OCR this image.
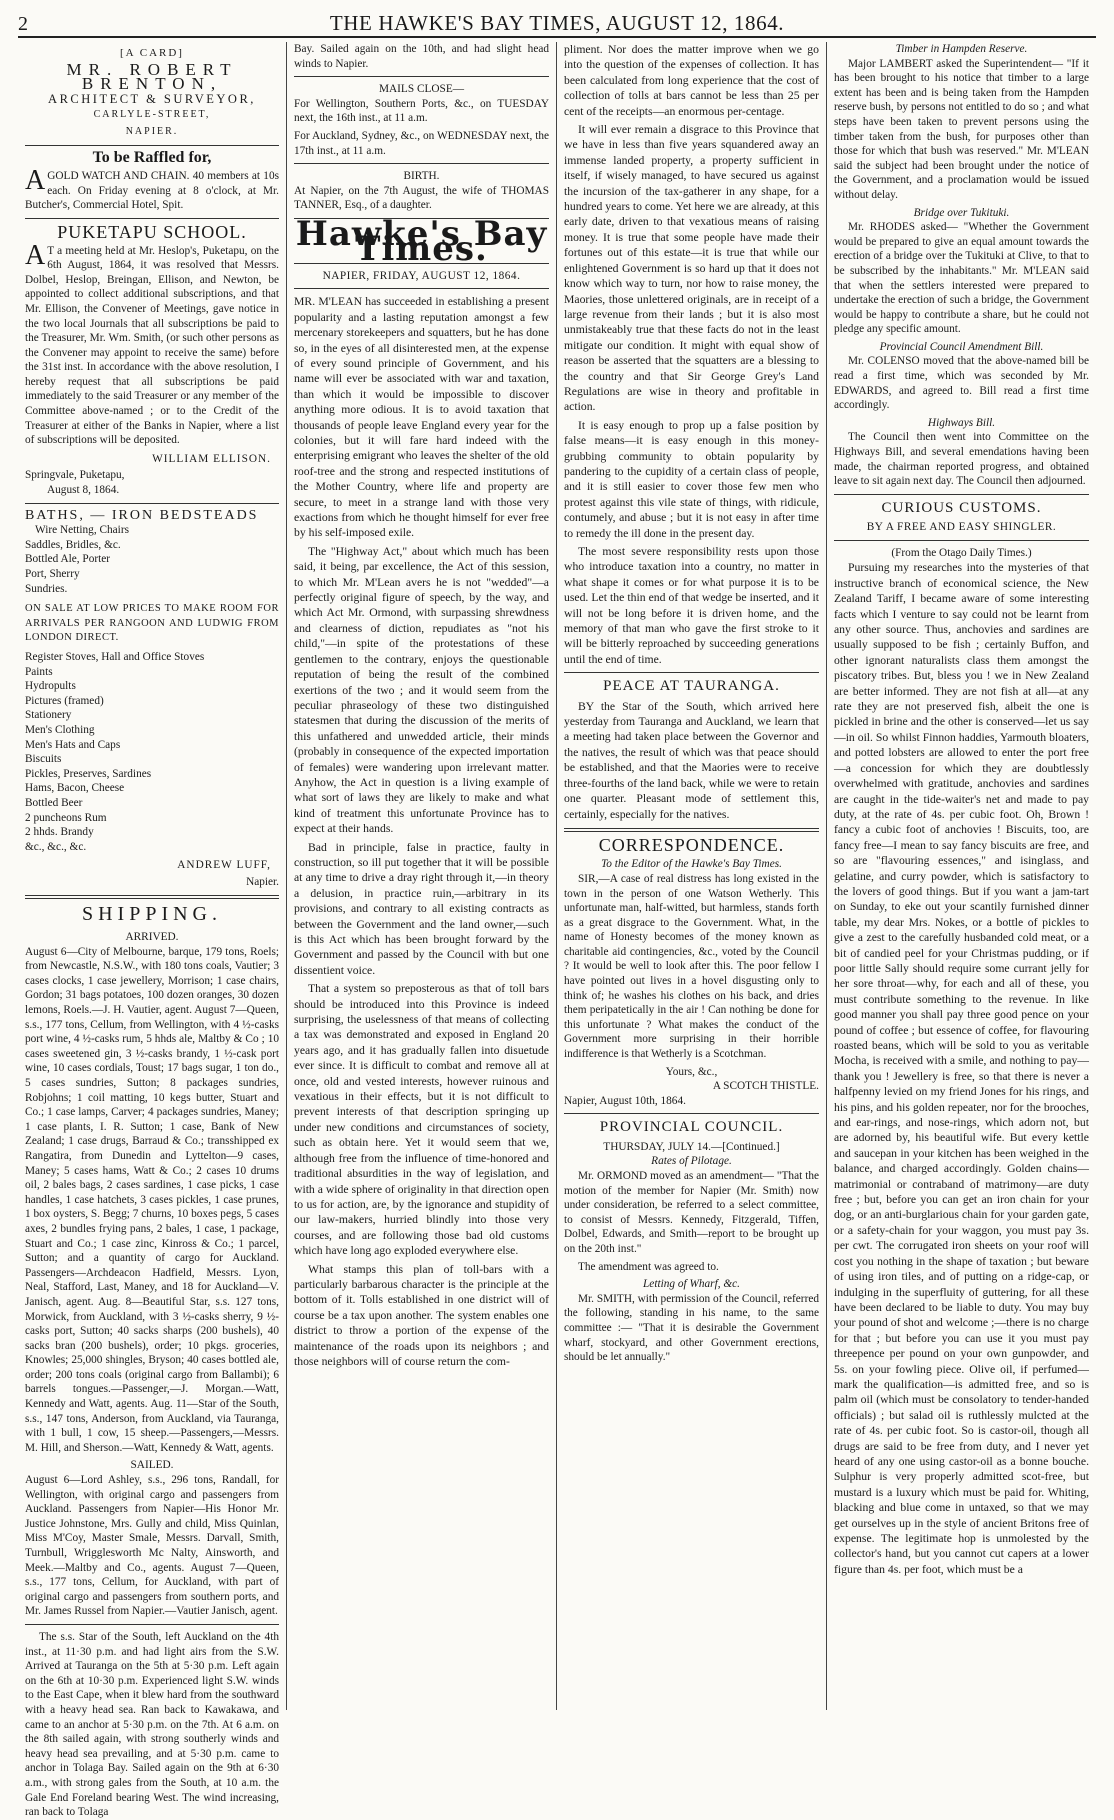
2	THE HAWKE'S BAY TIMES, AUGUST 12, 1864.
[A CARD]
MR. ROBERT BRENTON,
ARCHITECT & SURVEYOR,
CARLYLE-STREET,
NAPIER.
To be Raffled for,

AGOLD WATCH AND CHAIN. 40 members at 10s each. On Friday evening at 8 o'clock, at Mr. Butcher's, Commercial Hotel, Spit.

PUKETAPU SCHOOL.

AT a meeting held at Mr. Heslop's, Puketapu, on the 6th August, 1864, it was resolved that Messrs. Dolbel, Heslop, Breingan, Ellison, and Newton, be appointed to collect additional subscriptions, and that Mr. Ellison, the Convener of Meetings, gave notice in the two local Journals that all subscriptions be paid to the Treasurer, Mr. Wm. Smith, (or such other persons as the Convener may appoint to receive the same) before the 31st inst. In accordance with the above resolution, I hereby request that all subscriptions be paid immediately to the said Treasurer or any member of the Committee above-named ; or to the Credit of the Treasurer at either of the Banks in Napier, where a list of subscriptions will be deposited.

WILLIAM ELLISON.
Springvale, Puketapu,
August 8, 1864.
BATHS, — IRON BEDSTEADS
Wire Netting, Chairs
Saddles, Bridles, &c.
Bottled Ale, Porter
Port, Sherry
Sundries.

ON SALE AT LOW PRICES TO MAKE ROOM FOR ARRIVALS PER RANGOON AND LUDWIG FROM LONDON DIRECT.

Register Stoves, Hall and Office Stoves
Paints
Hydropults
Pictures (framed)
Stationery
Men's Clothing
Men's Hats and Caps
Biscuits
Pickles, Preserves, Sardines
Hams, Bacon, Cheese
Bottled Beer
2 puncheons Rum
2 hhds. Brandy
&c., &c., &c.
ANDREW LUFF,
Napier.
SHIPPING.
ARRIVED.

August 6—City of Melbourne, barque, 179 tons, Roels; from Newcastle, N.S.W., with 180 tons coals, Vautier; 3 cases clocks, 1 case jewellery, Morrison; 1 case chairs, Gordon; 31 bags potatoes, 100 dozen oranges, 30 dozen lemons, Roels.—J. H. Vautier, agent. August 7—Queen, s.s., 177 tons, Cellum, from Wellington, with 4 ½-casks port wine, 4 ½-casks rum, 5 hhds ale, Maltby & Co ; 10 cases sweetened gin, 3 ½-casks brandy, 1 ½-cask port wine, 10 cases cordials, Toust; 17 bags sugar, 1 ton do., 5 cases sundries, Sutton; 8 packages sundries, Robjohns; 1 coil matting, 10 kegs butter, Stuart and Co.; 1 case lamps, Carver; 4 packages sundries, Maney; 1 case plants, I. R. Sutton; 1 case, Bank of New Zealand; 1 case drugs, Barraud & Co.; transshipped ex Rangatira, from Dunedin and Lyttelton—9 cases, Maney; 5 cases hams, Watt & Co.; 2 cases 10 drums oil, 2 bales bags, 2 cases sardines, 1 case picks, 1 case handles, 1 case hatchets, 3 cases pickles, 1 case prunes, 1 box oysters, S. Begg; 7 churns, 10 boxes pegs, 5 cases axes, 2 bundles frying pans, 2 bales, 1 case, 1 package, Stuart and Co.; 1 case zinc, Kinross & Co.; 1 parcel, Sutton; and a quantity of cargo for Auckland. Passengers—Archdeacon Hadfield, Messrs. Lyon, Neal, Stafford, Last, Maney, and 18 for Auckland—V. Janisch, agent. Aug. 8—Beautiful Star, s.s. 127 tons, Morwick, from Auckland, with 3 ½-casks sherry, 9 ½-casks port, Sutton; 40 sacks sharps (200 bushels), 40 sacks bran (200 bushels), order; 10 pkgs. groceries, Knowles; 25,000 shingles, Bryson; 40 cases bottled ale, order; 200 tons coals (original cargo from Ballambi); 6 barrels tongues.—Passenger,—J. Morgan.—Watt, Kennedy and Watt, agents. Aug. 11—Star of the South, s.s., 147 tons, Anderson, from Auckland, via Tauranga, with 1 bull, 1 cow, 15 sheep.—Passengers,—Messrs. M. Hill, and Sherson.—Watt, Kennedy & Watt, agents.

SAILED.

August 6—Lord Ashley, s.s., 296 tons, Randall, for Wellington, with original cargo and passengers from Auckland. Passengers from Napier—His Honor Mr. Justice Johnstone, Mrs. Gully and child, Miss Quinlan, Miss M'Coy, Master Smale, Messrs. Darvall, Smith, Turnbull, Wrigglesworth Mc Nalty, Ainsworth, and Meek.—Maltby and Co., agents. August 7—Queen, s.s., 177 tons, Cellum, for Auckland, with part of original cargo and passengers from southern ports, and Mr. James Russel from Napier.—Vautier Janisch, agent.

The s.s. Star of the South, left Auckland on the 4th inst., at 11·30 p.m. and had light airs from the S.W. Arrived at Tauranga on the 5th at 5·30 p.m. Left again on the 6th at 10·30 p.m. Experienced light S.W. winds to the East Cape, when it blew hard from the southward with a heavy head sea. Ran back to Kawakawa, and came to an anchor at 5·30 p.m. on the 7th. At 6 a.m. on the 8th sailed again, with strong southerly winds and heavy head sea prevailing, and at 5·30 p.m. came to anchor in Tolaga Bay. Sailed again on the 9th at 6·30 a.m., with strong gales from the South, at 10 a.m. the Gale End Foreland bearing West. The wind increasing, ran back to Tolaga

Bay. Sailed again on the 10th, and had slight head winds to Napier.

MAILS CLOSE—

For Wellington, Southern Ports, &c., on TUESDAY next, the 16th inst., at 11 a.m.

For Auckland, Sydney, &c., on WEDNESDAY next, the 17th inst., at 11 a.m.

BIRTH.

At Napier, on the 7th August, the wife of THOMAS TANNER, Esq., of a daughter.

Hawke's Bay Times.
NAPIER, FRIDAY, AUGUST 12, 1864.

MR. M'LEAN has succeeded in establishing a present popularity and a lasting reputation amongst a few mercenary storekeepers and squatters, but he has done so, in the eyes of all disinterested men, at the expense of every sound principle of Government, and his name will ever be associated with war and taxation, than which it would be impossible to discover anything more odious. It is to avoid taxation that thousands of people leave England every year for the colonies, but it will fare hard indeed with the enterprising emigrant who leaves the shelter of the old roof-tree and the strong and respected institutions of the Mother Country, where life and property are secure, to meet in a strange land with those very exactions from which he thought himself for ever free by his self-imposed exile.

The "Highway Act," about which much has been said, it being, par excellence, the Act of this session, to which Mr. M'Lean avers he is not "wedded"—a perfectly original figure of speech, by the way, and which Act Mr. Ormond, with surpassing shrewdness and clearness of diction, repudiates as "not his child,"—in spite of the protestations of these gentlemen to the contrary, enjoys the questionable reputation of being the result of the combined exertions of the two ; and it would seem from the peculiar phraseology of these two distinguished statesmen that during the discussion of the merits of this unfathered and unwedded article, their minds (probably in consequence of the expected importation of females) were wandering upon irrelevant matter. Anyhow, the Act in question is a living example of what sort of laws they are likely to make and what kind of treatment this unfortunate Province has to expect at their hands.

Bad in principle, false in practice, faulty in construction, so ill put together that it will be possible at any time to drive a dray right through it,—in theory a delusion, in practice ruin,—arbitrary in its provisions, and contrary to all existing contracts as between the Government and the land owner,—such is this Act which has been brought forward by the Government and passed by the Council with but one dissentient voice.

That a system so preposterous as that of toll bars should be introduced into this Province is indeed surprising, the uselessness of that means of collecting a tax was demonstrated and exposed in England 20 years ago, and it has gradually fallen into disuetude ever since. It is difficult to combat and remove all at once, old and vested interests, however ruinous and vexatious in their effects, but it is not difficult to prevent interests of that description springing up under new conditions and circumstances of society, such as obtain here. Yet it would seem that we, although free from the influence of time-honored and traditional absurdities in the way of legislation, and with a wide sphere of originality in that direction open to us for action, are, by the ignorance and stupidity of our law-makers, hurried blindly into those very courses, and are following those bad old customs which have long ago exploded everywhere else.

What stamps this plan of toll-bars with a particularly barbarous character is the principle at the bottom of it. Tolls established in one district will of course be a tax upon another. The system enables one district to throw a portion of the expense of the maintenance of the roads upon its neighbors ; and those neighbors will of course return the com-

pliment. Nor does the matter improve when we go into the question of the expenses of collection. It has been calculated from long experience that the cost of collection of tolls at bars cannot be less than 25 per cent of the receipts—an enormous per-centage.

It will ever remain a disgrace to this Province that we have in less than five years squandered away an immense landed property, a property sufficient in itself, if wisely managed, to have secured us against the incursion of the tax-gatherer in any shape, for a hundred years to come. Yet here we are already, at this early date, driven to that vexatious means of raising money. It is true that some people have made their fortunes out of this estate—it is true that while our enlightened Government is so hard up that it does not know which way to turn, nor how to raise money, the Maories, those unlettered originals, are in receipt of a large revenue from their lands ; but it is also most unmistakeably true that these facts do not in the least mitigate our condition. It might with equal show of reason be asserted that the squatters are a blessing to the country and that Sir George Grey's Land Regulations are wise in theory and profitable in action.

It is easy enough to prop up a false position by false means—it is easy enough in this money-grubbing community to obtain popularity by pandering to the cupidity of a certain class of people, and it is still easier to cover those few men who protest against this vile state of things, with ridicule, contumely, and abuse ; but it is not easy in after time to remedy the ill done in the present day.

The most severe responsibility rests upon those who introduce taxation into a country, no matter in what shape it comes or for what purpose it is to be used. Let the thin end of that wedge be inserted, and it will not be long before it is driven home, and the memory of that man who gave the first stroke to it will be bitterly reproached by succeeding generations until the end of time.

PEACE AT TAURANGA.

BY the Star of the South, which arrived here yesterday from Tauranga and Auckland, we learn that a meeting had taken place between the Governor and the natives, the result of which was that peace should be established, and that the Maories were to receive three-fourths of the land back, while we were to retain one quarter. Pleasant mode of settlement this, certainly, especially for the natives.

CORRESPONDENCE.
To the Editor of the Hawke's Bay Times.

SIR,—A case of real distress has long existed in the town in the person of one Watson Wetherly. This unfortunate man, half-witted, but harmless, stands forth as a great disgrace to the Government. What, in the name of Honesty becomes of the money known as charitable aid contingencies, &c., voted by the Council ? It would be well to look after this. The poor fellow I have pointed out lives in a hovel disgusting only to think of; he washes his clothes on his back, and dries them peripatetically in the air ! Can nothing be done for this unfortunate ? What makes the conduct of the Government more surprising in their horrible indifference is that Wetherly is a Scotchman.

Yours, &c.,
A SCOTCH THISTLE.
Napier, August 10th, 1864.
PROVINCIAL COUNCIL.
THURSDAY, JULY 14.—[Continued.]
Rates of Pilotage.

Mr. ORMOND moved as an amendment— "That the motion of the member for Napier (Mr. Smith) now under consideration, be referred to a select committee, to consist of Messrs. Kennedy, Fitzgerald, Tiffen, Dolbel, Edwards, and Smith—report to be brought up on the 20th inst."

The amendment was agreed to.

Letting of Wharf, &c.

Mr. SMITH, with permission of the Council, referred the following, standing in his name, to the same committee :— "That it is desirable the Government wharf, stockyard, and other Government erections, should be let annually."

Timber in Hampden Reserve.

Major LAMBERT asked the Superintendent— "If it has been brought to his notice that timber to a large extent has been and is being taken from the Hampden reserve bush, by persons not entitled to do so ; and what steps have been taken to prevent persons using the timber taken from the bush, for purposes other than those for which that bush was reserved." Mr. M'LEAN said the subject had been brought under the notice of the Government, and a proclamation would be issued without delay.

Bridge over Tukituki.

Mr. RHODES asked— "Whether the Government would be prepared to give an equal amount towards the erection of a bridge over the Tukituki at Clive, to that to be subscribed by the inhabitants." Mr. M'LEAN said that when the settlers interested were prepared to undertake the erection of such a bridge, the Government would be happy to contribute a share, but he could not pledge any specific amount.

Provincial Council Amendment Bill.

Mr. COLENSO moved that the above-named bill be read a first time, which was seconded by Mr. EDWARDS, and agreed to. Bill read a first time accordingly.

Highways Bill.

The Council then went into Committee on the Highways Bill, and several emendations having been made, the chairman reported progress, and obtained leave to sit again next day. The Council then adjourned.

CURIOUS CUSTOMS.
BY A FREE AND EASY SHINGLER.
(From the Otago Daily Times.)

Pursuing my researches into the mysteries of that instructive branch of economical science, the New Zealand Tariff, I became aware of some interesting facts which I venture to say could not be learnt from any other source. Thus, anchovies and sardines are usually supposed to be fish ; certainly Buffon, and other ignorant naturalists class them amongst the piscatory tribes. But, bless you ! we in New Zealand are better informed. They are not fish at all—at any rate they are not preserved fish, albeit the one is pickled in brine and the other is conserved—let us say—in oil. So whilst Finnon haddies, Yarmouth bloaters, and potted lobsters are allowed to enter the port free—a concession for which they are doubtlessly overwhelmed with gratitude, anchovies and sardines are caught in the tide-waiter's net and made to pay duty, at the rate of 4s. per cubic foot. Oh, Brown ! fancy a cubic foot of anchovies ! Biscuits, too, are fancy free—I mean to say fancy biscuits are free, and so are "flavouring essences," and isinglass, and gelatine, and curry powder, which is satisfactory to the lovers of good things. But if you want a jam-tart on Sunday, to eke out your scantily furnished dinner table, my dear Mrs. Nokes, or a bottle of pickles to give a zest to the carefully husbanded cold meat, or a bit of candied peel for your Christmas pudding, or if poor little Sally should require some currant jelly for her sore throat—why, for each and all of these, you must contribute something to the revenue. In like good manner you shall pay three good pence on your pound of coffee ; but essence of coffee, for flavouring roasted beans, which will be sold to you as veritable Mocha, is received with a smile, and nothing to pay—thank you ! Jewellery is free, so that there is never a halfpenny levied on my friend Jones for his rings, and his pins, and his golden repeater, nor for the brooches, and ear-rings, and nose-rings, which adorn not, but are adorned by, his beautiful wife. But every kettle and saucepan in your kitchen has been weighed in the balance, and charged accordingly. Golden chains—matrimonial or contraband of matrimony—are duty free ; but, before you can get an iron chain for your dog, or an anti-burglarious chain for your garden gate, or a safety-chain for your waggon, you must pay 3s. per cwt. The corrugated iron sheets on your roof will cost you nothing in the shape of taxation ; but beware of using iron tiles, and of putting on a ridge-cap, or indulging in the superfluity of guttering, for all these have been declared to be liable to duty. You may buy your pound of shot and welcome ;—there is no charge for that ; but before you can use it you must pay threepence per pound on your own gunpowder, and 5s. on your fowling piece. Olive oil, if perfumed—mark the qualification—is admitted free, and so is palm oil (which must be consolatory to tender-handed officials) ; but salad oil is ruthlessly mulcted at the rate of 4s. per cubic foot. So is castor-oil, though all drugs are said to be free from duty, and I never yet heard of any one using castor-oil as a bonne bouche. Sulphur is very properly admitted scot-free, but mustard is a luxury which must be paid for. Whiting, blacking and blue come in untaxed, so that we may get ourselves up in the style of ancient Britons free of expense. The legitimate hop is unmolested by the collector's hand, but you cannot cut capers at a lower figure than 4s. per foot, which must be a
